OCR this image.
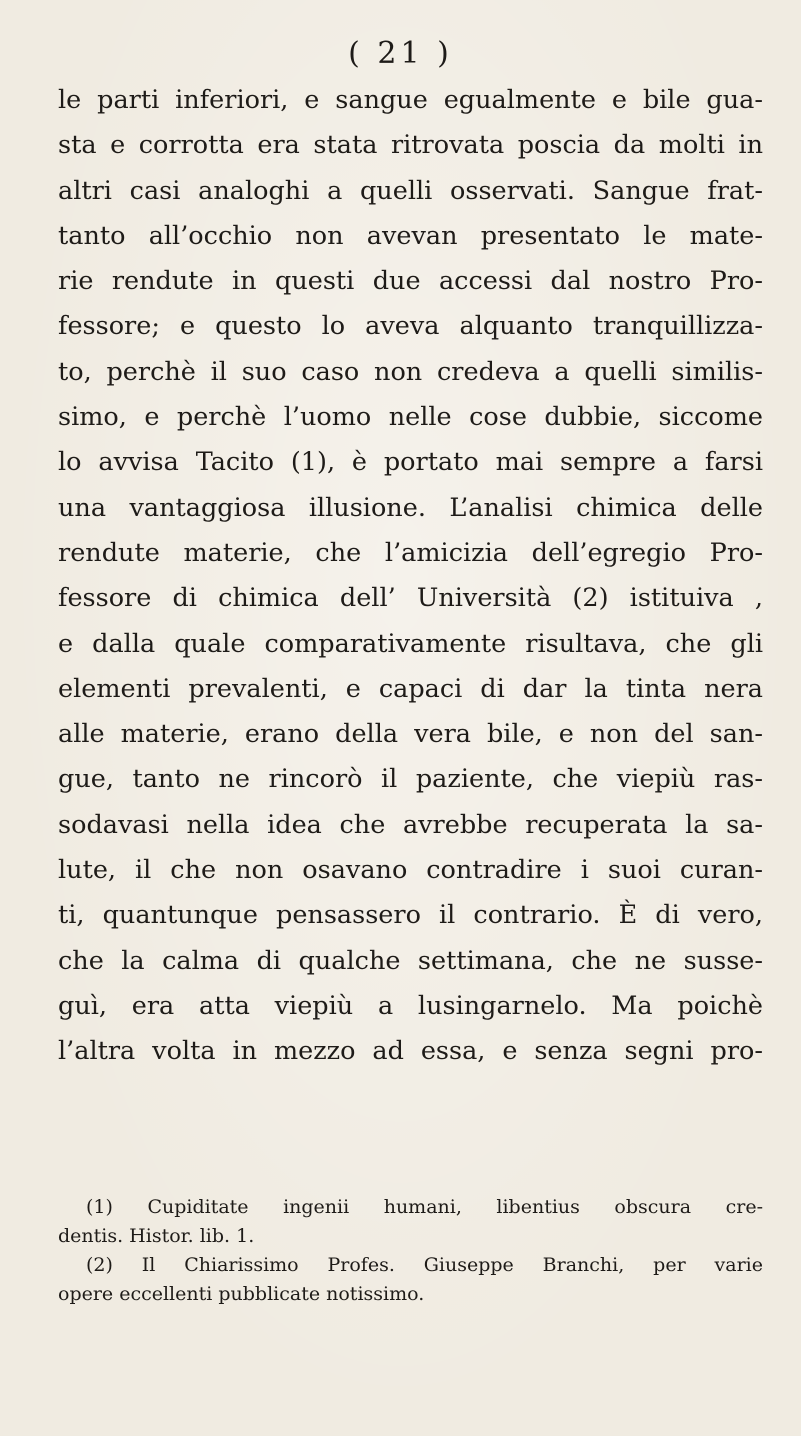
( 21 )
le parti inferiori, e sangue egualmente e bile gua-
sta e corrotta era stata ritrovata poscia da molti in
altri casi analoghi a quelli osservati. Sangue frat-
tanto all’occhio non avevan presentato le mate-
rie rendute in questi due accessi dal nostro Pro-
fessore; e questo lo aveva alquanto tranquillizza-
to, perchè il suo caso non credeva a quelli similis-
simo, e perchè l’uomo nelle cose dubbie, siccome
lo avvisa Tacito (1), è portato mai sempre a farsi
una vantaggiosa illusione. L’analisi chimica delle
rendute materie, che l’amicizia dell’egregio Pro-
fessore di chimica dell’ Università (2) istituiva ,
e dalla quale comparativamente risultava, che gli
elementi prevalenti, e capaci di dar la tinta nera
alle materie, erano della vera bile, e non del san-
gue, tanto ne rincorò il paziente, che viepiù ras-
sodavasi nella idea che avrebbe recuperata la sa-
lute, il che non osavano contradire i suoi curan-
ti, quantunque pensassero il contrario. È di vero,
che la calma di qualche settimana, che ne susse-
guì, era atta viepiù a lusingarnelo. Ma poichè
l’altra volta in mezzo ad essa, e senza segni pro-
(1) Cupiditate ingenii humani, libentius obscura cre-
dentis. Histor. lib. 1.
(2) Il Chiarissimo Profes. Giuseppe Branchi, per varie
opere eccellenti pubblicate notissimo.
